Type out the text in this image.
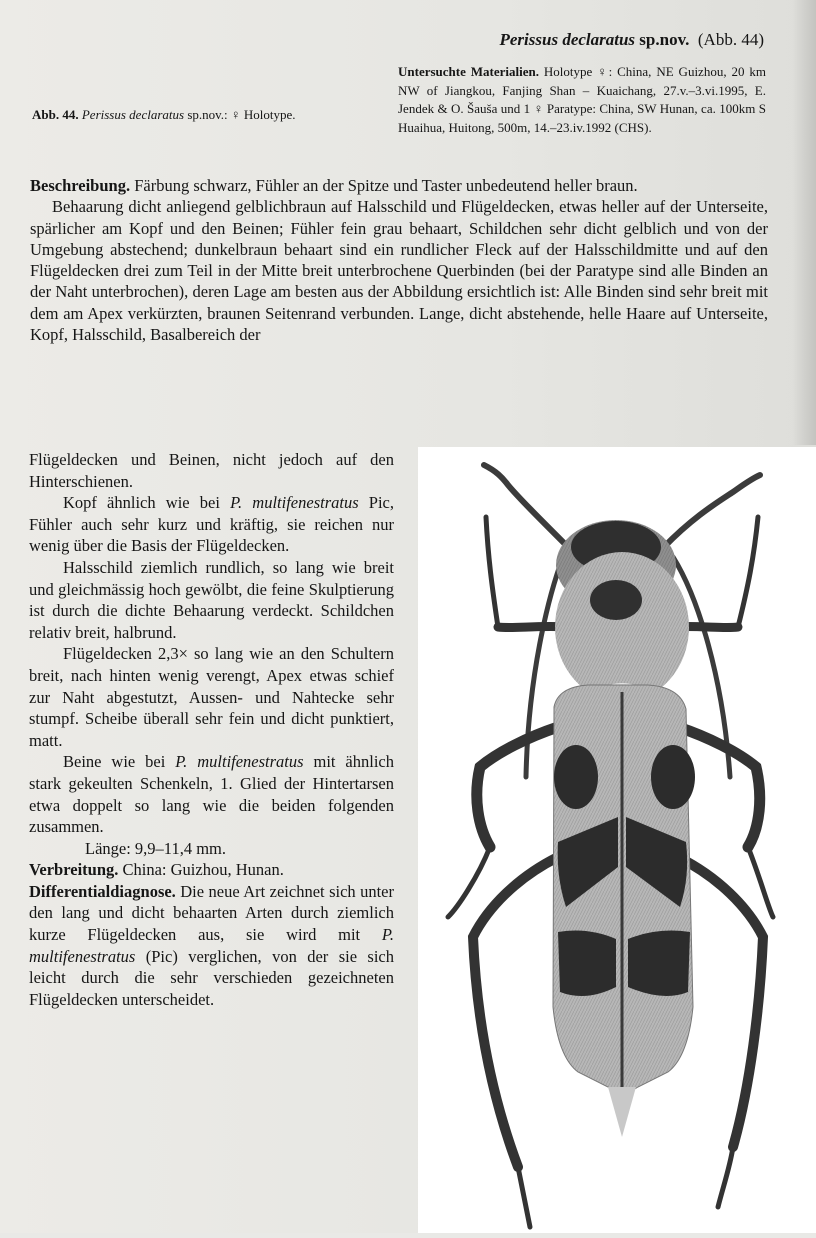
Perissus declaratus sp.nov. (Abb. 44)
Untersuchte Materialien. Holotype ♀: China, NE Guizhou, 20 km NW of Jiangkou, Fanjing Shan – Kuaichang, 27.v.–3.vi.1995, E. Jendek & O. Šauša und 1 ♀ Paratype: China, SW Hunan, ca. 100km S Huaihua, Huitong, 500m, 14.–23.iv.1992 (CHS).
Abb. 44. Perissus declaratus sp.nov.: ♀ Holotype.

Beschreibung. Färbung schwarz, Fühler an der Spitze und Taster unbedeutend heller braun.

Behaarung dicht anliegend gelblichbraun auf Halsschild und Flügeldecken, etwas heller auf der Unterseite, spärlicher am Kopf und den Beinen; Fühler fein grau behaart, Schildchen sehr dicht gelblich und von der Umgebung abstechend; dunkelbraun behaart sind ein rundlicher Fleck auf der Halsschildmitte und auf den Flügeldecken drei zum Teil in der Mitte breit unterbrochene Querbinden (bei der Paratype sind alle Binden an der Naht unterbrochen), deren Lage am besten aus der Abbildung ersichtlich ist: Alle Binden sind sehr breit mit dem am Apex verkürzten, braunen Seitenrand verbunden. Lange, dicht abstehende, helle Haare auf Unterseite, Kopf, Halsschild, Basalbereich der

Flügeldecken und Beinen, nicht jedoch auf den Hinterschienen.

Kopf ähnlich wie bei P. multifenestratus Pic, Fühler auch sehr kurz und kräftig, sie reichen nur wenig über die Basis der Flügeldecken.

Halsschild ziemlich rundlich, so lang wie breit und gleichmässig hoch gewölbt, die feine Skulptierung ist durch die dichte Behaarung verdeckt. Schildchen relativ breit, halbrund.

Flügeldecken 2,3× so lang wie an den Schultern breit, nach hinten wenig verengt, Apex etwas schief zur Naht abgestutzt, Aussen- und Nahtecke sehr stumpf. Scheibe überall sehr fein und dicht punktiert, matt.

Beine wie bei P. multifenestratus mit ähnlich stark gekeulten Schenkeln, 1. Glied der Hintertarsen etwa doppelt so lang wie die beiden folgenden zusammen.

Länge: 9,9–11,4 mm.

Verbreitung. China: Guizhou, Hunan.

Differentialdiagnose. Die neue Art zeichnet sich unter den lang und dicht behaarten Arten durch ziemlich kurze Flügeldecken aus, sie wird mit P. multifenestratus (Pic) verglichen, von der sie sich leicht durch die sehr verschieden gezeichneten Flügeldecken unterscheidet.
